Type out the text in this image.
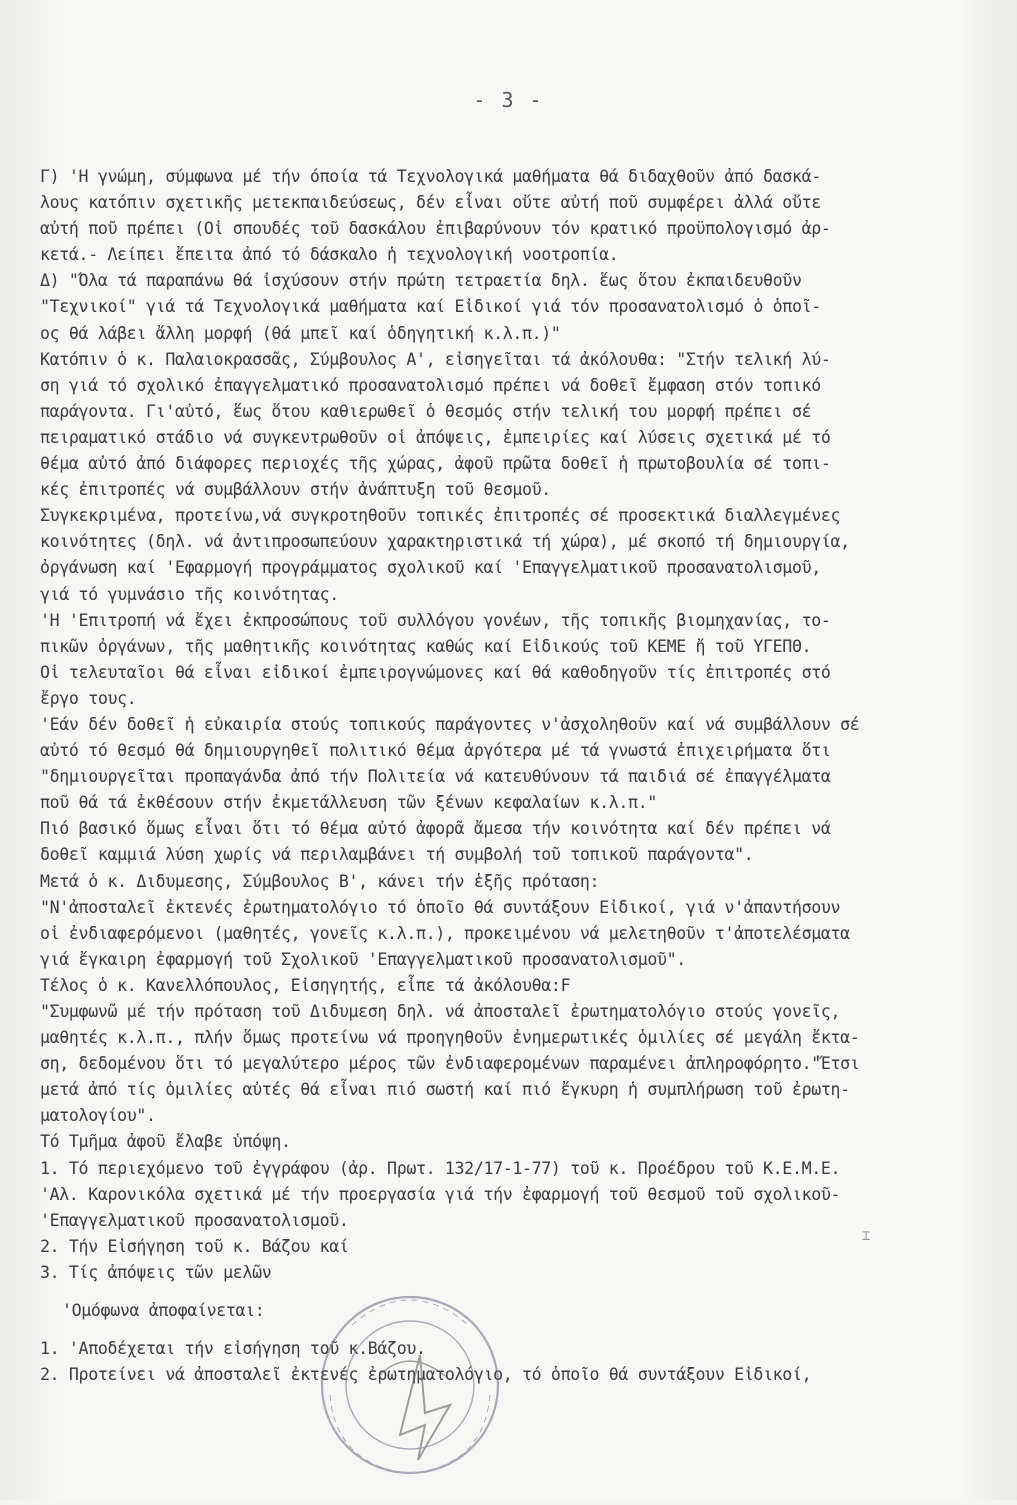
- 3 -
Γ) 'Η γνώμη, σύμφωνα μέ τήν όποία τά Τεχνολογικά μαθήματα θά διδαχθοῦν ἀπό δασκά-
λους κατόπιν σχετικῆς μετεκπαιδεύσεως, δέν εἶναι οὔτε αὐτή ποῦ συμφέρει ἀλλά οὔτε
αὐτή ποῦ πρέπει (Οἱ σπουδές τοῦ δασκάλου ἐπιβαρύνουν τόν κρατικό προϋπολογισμό ἀρ-
κετά.- Λείπει ἔπειτα ἀπό τό δάσκαλο ἡ τεχνολογική νοοτροπία.
Δ) "Όλα τά παραπάνω θά ἰσχύσουν στήν πρώτη τετραετία δηλ. ἕως ὅτου ἐκπαιδευθοῦν
"Τεχνικοί" γιά τά Τεχνολογικά μαθήματα καί Εἰδικοί γιά τόν προσανατολισμό ὁ ὁποῖ-
ος θά λάβει ἄλλη μορφή (θά μπεῖ καί ὁδηγητική κ.λ.π.)"
Κατόπιν ὁ κ. Παλαιοκρασσᾶς, Σύμβουλος Α', εἰσηγεῖται τά ἀκόλουθα: "Στήν τελική λύ-
ση γιά τό σχολικό ἐπαγγελματικό προσανατολισμό πρέπει νά δοθεῖ ἔμφαση στόν τοπικό
παράγοντα. Γι'αὐτό, ἕως ὅτου καθιερωθεῖ ὁ θεσμός στήν τελική του μορφή πρέπει σέ
πειραματικό στάδιο νά συγκεντρωθοῦν οἱ ἀπόψεις, ἐμπειρίες καί λύσεις σχετικά μέ τό
θέμα αὐτό ἀπό διάφορες περιοχές τῆς χώρας, ἀφοῦ πρῶτα δοθεῖ ἡ πρωτοβουλία σέ τοπι-
κές ἐπιτροπές νά συμβάλλουν στήν ἀνάπτυξη τοῦ θεσμοῦ.
Συγκεκριμένα, προτείνω,νά συγκροτηθοῦν τοπικές ἐπιτροπές σέ προσεκτικά διαλλεγμένες
κοινότητες (δηλ. νά ἀντιπροσωπεύουν χαρακτηριστικά τή χώρα), μέ σκοπό τή δημιουργία,
ὀργάνωση καί 'Εφαρμογή προγράμματος σχολικοῦ καί 'Επαγγελματικοῦ προσανατολισμοῦ,
γιά τό γυμνάσιο τῆς κοινότητας.
'Η 'Επιτροπή νά ἔχει ἐκπροσώπους τοῦ συλλόγου γονέων, τῆς τοπικῆς βιομηχανίας, το-
πικῶν ὀργάνων, τῆς μαθητικῆς κοινότητας καθώς καί Εἰδικούς τοῦ ΚΕΜΕ ἤ τοῦ ΥΓΕΠΘ.
Οἱ τελευταῖοι θά εἶναι εἰδικοί ἐμπειρογνώμονες καί θά καθοδηγοῦν τίς ἐπιτροπές στό
ἔργο τους.
'Εάν δέν δοθεῖ ἡ εὐκαιρία στούς τοπικούς παράγοντες ν'ἀσχοληθοῦν καί νά συμβάλλουν σέ
αὐτό τό θεσμό θά δημιουργηθεῖ πολιτικό θέμα ἀργότερα μέ τά γνωστά ἐπιχειρήματα ὅτι
"δημιουργεῖται προπαγάνδα ἀπό τήν Πολιτεία νά κατευθύνουν τά παιδιά σέ ἐπαγγέλματα
ποῦ θά τά ἐκθέσουν στήν ἐκμετάλλευση τῶν ξένων κεφαλαίων κ.λ.π."
Πιό βασικό ὅμως εἶναι ὅτι τό θέμα αὐτό ἀφορᾶ ἄμεσα τήν κοινότητα καί δέν πρέπει νά
δοθεῖ καμμιά λύση χωρίς νά περιλαμβάνει τή συμβολή τοῦ τοπικοῦ παράγοντα".
Μετά ὁ κ. Διδυμεσης, Σύμβουλος Β', κάνει τήν ἑξῆς πρόταση:
"Ν'ἀποσταλεῖ ἐκτενές ἐρωτηματολόγιο τό ὁποῖο θά συντάξουν Εἰδικοί, γιά ν'ἀπαντήσουν
οἱ ἐνδιαφερόμενοι (μαθητές, γονεῖς κ.λ.π.), προκειμένου νά μελετηθοῦν τ'ἀποτελέσματα
γιά ἔγκαιρη ἐφαρμογή τοῦ Σχολικοῦ 'Επαγγελματικοῦ προσανατολισμοῦ".
Τέλος ὁ κ. Κανελλόπουλος, Εἰσηγητής, εἶπε τά ἀκόλουθα:F
"Συμφωνῶ μέ τήν πρόταση τοῦ Διδυμεση δηλ. νά ἀποσταλεῖ ἐρωτηματολόγιο στούς γονεῖς,
μαθητές κ.λ.π., πλήν ὅμως προτείνω νά προηγηθοῦν ἐνημερωτικές ὁμιλίες σέ μεγάλη ἔκτα-
ση, δεδομένου ὅτι τό μεγαλύτερο μέρος τῶν ἐνδιαφερομένων παραμένει ἀπληροφόρητο."Ἔτσι
μετά ἀπό τίς ὁμιλίες αὐτές θά εἶναι πιό σωστή καί πιό ἔγκυρη ἡ συμπλήρωση τοῦ ἐρωτη-
ματολογίου".
Τό Τμῆμα ἀφοῦ ἔλαβε ὑπόψη.
1. Τό περιεχόμενο τοῦ ἐγγράφου (ἀρ. Πρωτ. 132/17-1-77) τοῦ κ. Προέδρου τοῦ Κ.Ε.Μ.Ε.
'Αλ. Καρονικόλα σχετικά μέ τήν προεργασία γιά τήν ἐφαρμογή τοῦ θεσμοῦ τοῦ σχολικοῦ-
'Επαγγελματικοῦ προσανατολισμοῦ.
2. Τήν Εἰσήγηση τοῦ κ. Βάζου καί
3. Τίς ἀπόψεις τῶν μελῶν
'Ομόφωνα ἀποφαίνεται:
1. 'Αποδέχεται τήν εἰσήγηση τοῦ κ.Βάζου.
2. Προτείνει νά ἀποσταλεῖ ἐκτενές ἐρωτηματολόγιο, τό ὁποῖο θά συντάξουν Εἰδικοί,
⌶
